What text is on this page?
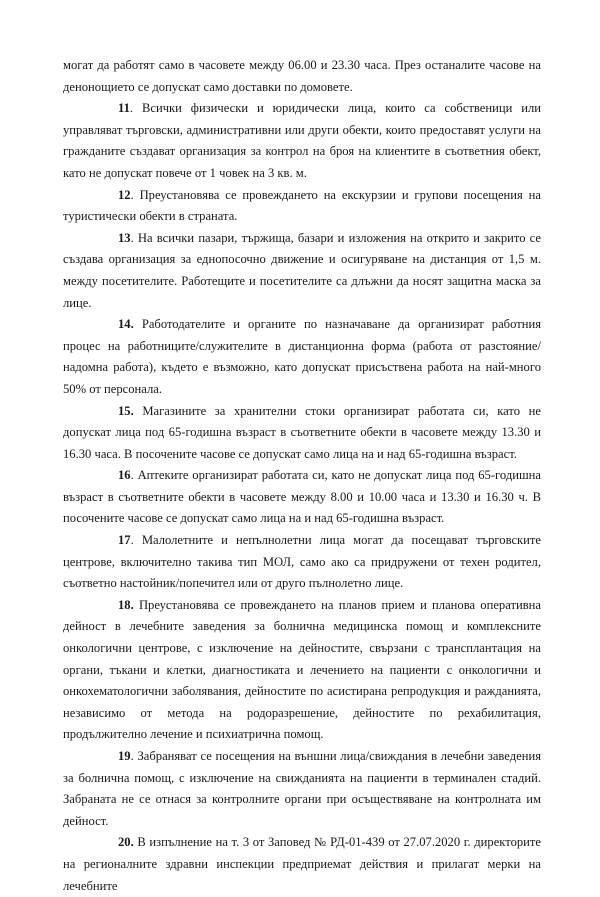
могат да работят само в часовете между 06.00 и 23.30 часа. През останалите часове на денонощието се допускат само доставки по домовете.

11. Всички физически и юридически лица, които са собственици или управляват търговски, административни или други обекти, които предоставят услуги на гражданите създават организация за контрол на броя на клиентите в съответния обект, като не допускат повече от 1 човек на 3 кв. м.

12. Преустановява се провеждането на екскурзии и групови посещения на туристически обекти в страната.

13. На всички пазари, тържища, базари и изложения на открито и закрито се създава организация за еднопосочно движение и осигуряване на дистанция от 1,5 м. между посетителите. Работещите и посетителите са длъжни да носят защитна маска за лице.

14. Работодателите и органите по назначаване да организират работния процес на работниците/служителите в дистанционна форма (работа от разстояние/надомна работа), където е възможно, като допускат присъствена работа на най-много 50% от персонала.

15. Магазините за хранителни стоки организират работата си, като не допускат лица под 65-годишна възраст в съответните обекти в часовете между 13.30 и 16.30 часа. В посочените часове се допускат само лица на и над 65-годишна възраст.

16. Аптеките организират работата си, като не допускат лица под 65-годишна възраст в съответните обекти в часовете между 8.00 и 10.00 часа и 13.30 и 16.30 ч. В посочените часове се допускат само лица на и над 65-годишна възраст.

17. Малолетните и непълнолетни лица могат да посещават търговските центрове, включително такива тип МОЛ, само ако са придружени от техен родител, съответно настойник/попечител или от друго пълнолетно лице.

18. Преустановява се провеждането на планов прием и планова оперативна дейност в лечебните заведения за болнична медицинска помощ и комплексните онкологични центрове, с изключение на дейностите, свързани с трансплантация на органи, тъкани и клетки, диагностиката и лечението на пациенти с онкологични и онкохематологични заболявания, дейностите по асистирана репродукция и ражданията, независимо от метода на родоразрешение, дейностите по рехабилитация, продължително лечение и психиатрична помощ.

19. Забраняват се посещения на външни лица/свиждания в лечебни заведения за болнична помощ, с изключение на свижданията на пациенти в терминален стадий. Забраната не се отнася за контролните органи при осъществяване на контролната им дейност.

20. В изпълнение на т. 3 от Заповед № РД-01-439 от 27.07.2020 г. директорите на регионалните здравни инспекции предприемат действия и прилагат мерки на лечебните
